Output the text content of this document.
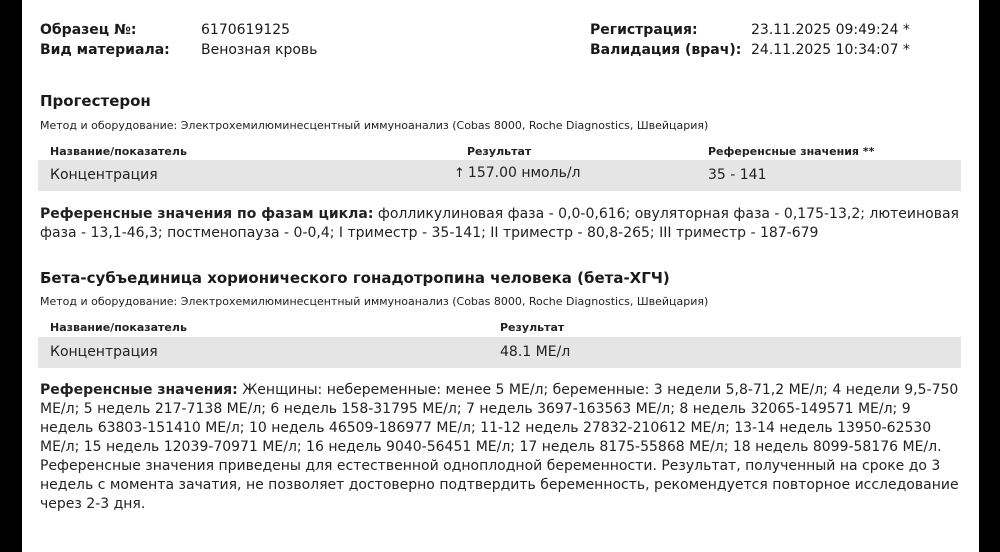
Образец №:	6170619125
Вид материала: Венозная кровь
Регистрация:	23.11.2025 09:49:24 *
Валидация (врач): 24.11.2025 10:34:07 *
Прогестерон
Метод и оборудование: Электрохемилюминесцентный иммуноанализ (Cobas 8000, Roche Diagnostics, Швейцария)
Название/показатель	Результат	Референсные значения **
Концентрация	↑ 157.00 нмоль/л	35 - 141
Референсные значения по фазам цикла: фолликулиновая фаза - 0,0-0,616; овуляторная фаза - 0,175-13,2; лютеиновая фаза - 13,1-46,3; постменопауза - 0-0,4; I триместр - 35-141; II триместр - 80,8-265; III триместр - 187-679
Бета-субъединица хорионического гонадотропина человека (бета-ХГЧ)
Метод и оборудование: Электрохемилюминесцентный иммуноанализ (Cobas 8000, Roche Diagnostics, Швейцария)
Название/показатель	Результат
Концентрация	48.1 МЕ/л
Референсные значения: Женщины: небеременные: менее 5 МЕ/л; беременные: 3 недели 5,8-71,2 МЕ/л; 4 недели 9,5-750 МЕ/л; 5 недель 217-7138 МЕ/л; 6 недель 158-31795 МЕ/л; 7 недель 3697-163563 МЕ/л; 8 недель 32065-149571 МЕ/л; 9 недель 63803-151410 МЕ/л; 10 недель 46509-186977 МЕ/л; 11-12 недель 27832-210612 МЕ/л; 13-14 недель 13950-62530 МЕ/л; 15 недель 12039-70971 МЕ/л; 16 недель 9040-56451 МЕ/л; 17 недель 8175-55868 МЕ/л; 18 недель 8099-58176 МЕ/л. Референсные значения приведены для естественной одноплодной беременности. Результат, полученный на сроке до 3 недель с момента зачатия, не позволяет достоверно подтвердить беременность, рекомендуется повторное исследование через 2-3 дня.
